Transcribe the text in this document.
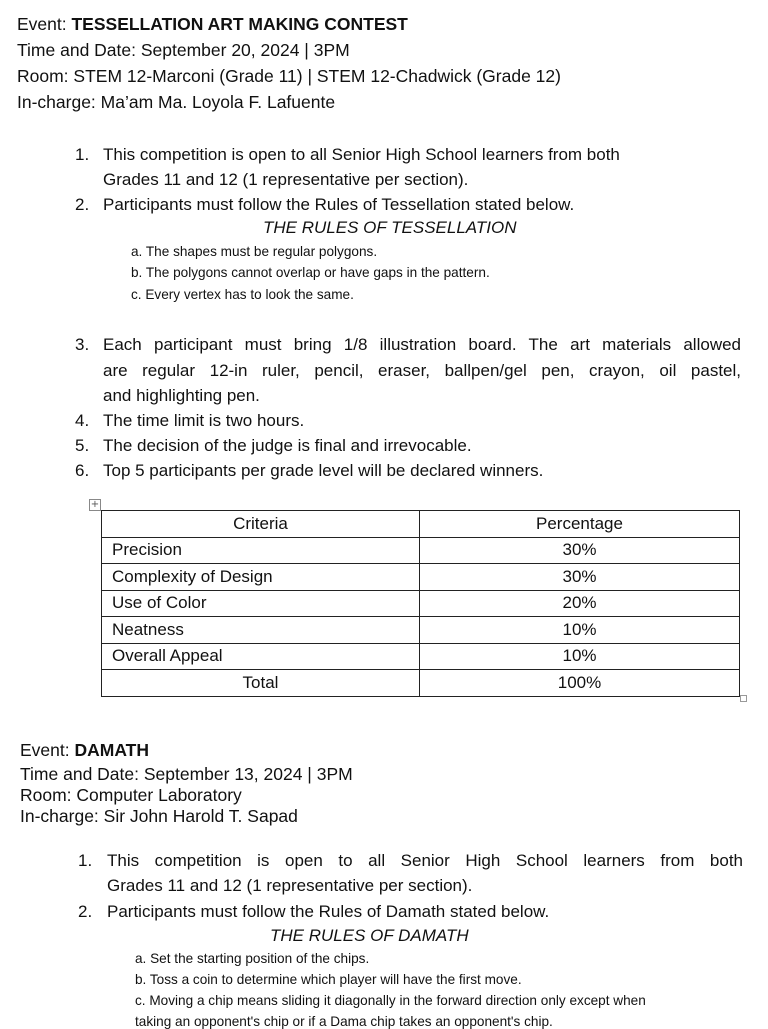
Event: TESSELLATION ART MAKING CONTEST
Time and Date: September 20, 2024 | 3PM
Room: STEM 12-Marconi (Grade 11) | STEM 12-Chadwick (Grade 12)
In-charge: Ma’am Ma. Loyola F. Lafuente
1. This competition is open to all Senior High School learners from both
Grades 11 and 12 (1 representative per section).
2. Participants must follow the Rules of Tessellation stated below.
THE RULES OF TESSELLATION
a. The shapes must be regular polygons.
b. The polygons cannot overlap or have gaps in the pattern.
c. Every vertex has to look the same.
3. Each participant must bring 1/8 illustration board. The art materials allowed
are regular 12-in ruler, pencil, eraser, ballpen/gel pen, crayon, oil pastel,
and highlighting pen.
4. The time limit is two hours.
5. The decision of the judge is final and irrevocable.
6. Top 5 participants per grade level will be declared winners.
+
Criteria	Percentage
Precision	30%
Complexity of Design	30%
Use of Color	20%
Neatness	10%
Overall Appeal	10%
Total	100%
Event: DAMATH
Time and Date: September 13, 2024 | 3PM
Room: Computer Laboratory
In-charge: Sir John Harold T. Sapad
1. This competition is open to all Senior High School learners from both
Grades 11 and 12 (1 representative per section).
2. Participants must follow the Rules of Damath stated below.
THE RULES OF DAMATH
a. Set the starting position of the chips.
b. Toss a coin to determine which player will have the first move.
c. Moving a chip means sliding it diagonally in the forward direction only except when
taking an opponent's chip or if a Dama chip takes an opponent's chip.
